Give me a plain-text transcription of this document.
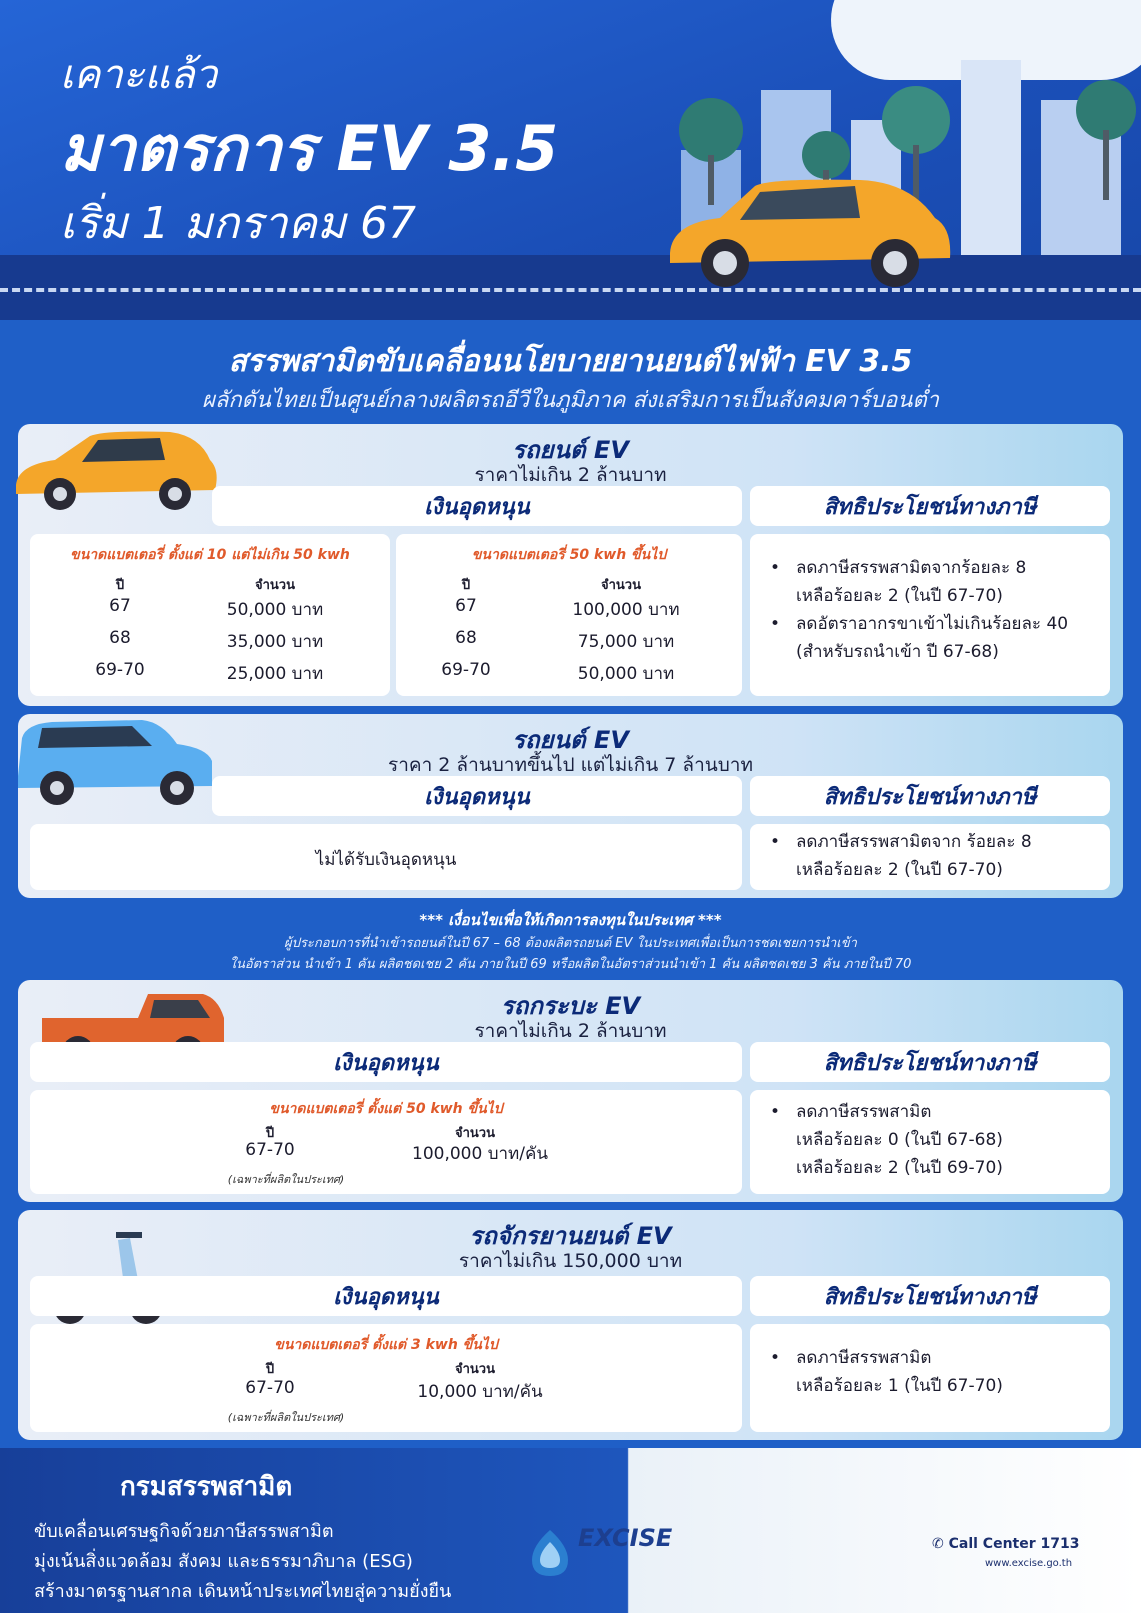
เคาะแล้ว
มาตรการ EV 3.5
เริ่ม 1 มกราคม 67
สรรพสามิตขับเคลื่อนนโยบายยานยนต์ไฟฟ้า EV 3.5
ผลักดันไทยเป็นศูนย์กลางผลิตรถอีวีในภูมิภาค ส่งเสริมการเป็นสังคมคาร์บอนต่ำ
รถยนต์ EV
ราคาไม่เกิน 2 ล้านบาท
เงินอุดหนุน	สิทธิประโยชน์ทางภาษี
ขนาดแบตเตอรี่ ตั้งแต่ 10 แต่ไม่เกิน 50 kwh
ปี	จำนวน
67	50,000 บาท
68	35,000 บาท
69-70	25,000 บาท
ขนาดแบตเตอรี่ 50 kwh ขึ้นไป
ปี	จำนวน
67	100,000 บาท
68	75,000 บาท
69-70	50,000 บาท
• ลดภาษีสรรพสามิตจากร้อยละ 8
เหลือร้อยละ 2 (ในปี 67-70)
• ลดอัตราอากรขาเข้าไม่เกินร้อยละ 40
(สำหรับรถนำเข้า ปี 67-68)
รถยนต์ EV
ราคา 2 ล้านบาทขึ้นไป แต่ไม่เกิน 7 ล้านบาท
เงินอุดหนุน	สิทธิประโยชน์ทางภาษี
ไม่ได้รับเงินอุดหนุน
• ลดภาษีสรรพสามิตจาก ร้อยละ 8
เหลือร้อยละ 2 (ในปี 67-70)
*** เงื่อนไขเพื่อให้เกิดการลงทุนในประเทศ ***
ผู้ประกอบการที่นำเข้ารถยนต์ในปี 67 – 68 ต้องผลิตรถยนต์ EV ในประเทศเพื่อเป็นการชดเชยการนำเข้า
ในอัตราส่วน นำเข้า 1 คัน ผลิตชดเชย 2 คัน ภายในปี 69 หรือผลิตในอัตราส่วนนำเข้า 1 คัน ผลิตชดเชย 3 คัน ภายในปี 70
รถกระบะ EV
ราคาไม่เกิน 2 ล้านบาท
เงินอุดหนุน	สิทธิประโยชน์ทางภาษี
ขนาดแบตเตอรี่ ตั้งแต่ 50 kwh ขึ้นไป
ปี	จำนวน
67-70	100,000 บาท/คัน
(เฉพาะที่ผลิตในประเทศ)
• ลดภาษีสรรพสามิต
เหลือร้อยละ 0 (ในปี 67-68)
เหลือร้อยละ 2 (ในปี 69-70)
รถจักรยานยนต์ EV
ราคาไม่เกิน 150,000 บาท
เงินอุดหนุน	สิทธิประโยชน์ทางภาษี
ขนาดแบตเตอรี่ ตั้งแต่ 3 kwh ขึ้นไป
ปี	จำนวน
67-70	10,000 บาท/คัน
(เฉพาะที่ผลิตในประเทศ)
• ลดภาษีสรรพสามิต
เหลือร้อยละ 1 (ในปี 67-70)
กรมสรรพสามิต
ขับเคลื่อนเศรษฐกิจด้วยภาษีสรรพสามิต
มุ่งเน้นสิ่งแวดล้อม สังคม และธรรมาภิบาล (ESG)
สร้างมาตรฐานสากล เดินหน้าประเทศไทยสู่ความยั่งยืน
EXCISE	✆ Call Center 1713
www.excise.go.th
